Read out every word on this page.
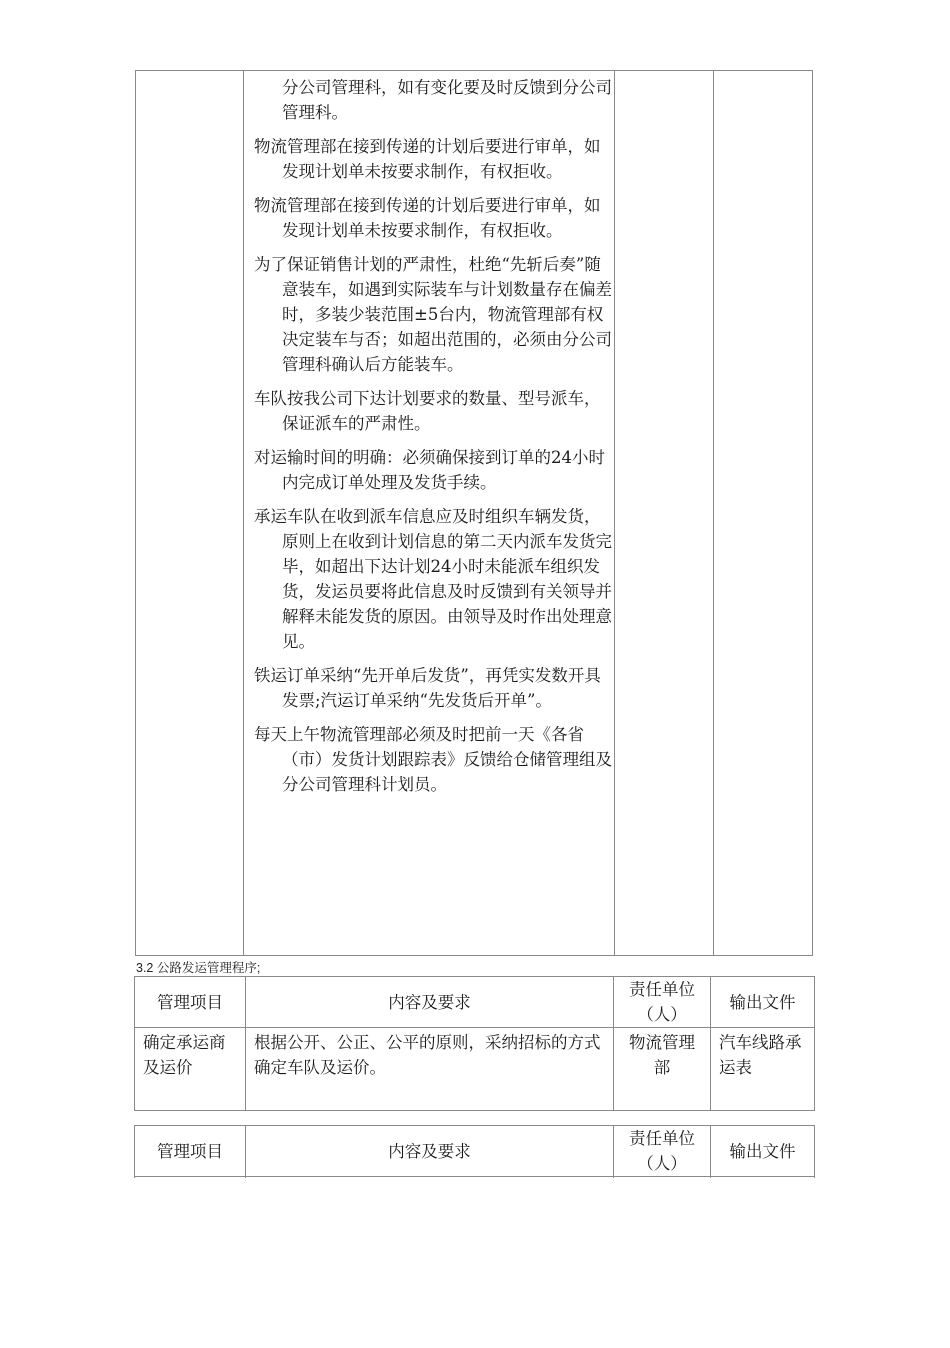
分公司管理科，如有变化要及时反馈到分公司管理科。
物流管理部在接到传递的计划后要进行审单，如发现计划单未按要求制作，有权拒收。
物流管理部在接到传递的计划后要进行审单，如发现计划单未按要求制作，有权拒收。
为了保证销售计划的严肃性，杜绝“先斩后奏”随意装车，如遇到实际装车与计划数量存在偏差时，多装少装范围±5台内，物流管理部有权决定装车与否；如超出范围的，必须由分公司管理科确认后方能装车。
车队按我公司下达计划要求的数量、型号派车，保证派车的严肃性。
对运输时间的明确：必须确保接到订单的24小时内完成订单处理及发货手续。
承运车队在收到派车信息应及时组织车辆发货，原则上在收到计划信息的第二天内派车发货完毕，如超出下达计划24小时未能派车组织发货，发运员要将此信息及时反馈到有关领导并解释未能发货的原因。由领导及时作出处理意见。
铁运订单采纳“先开单后发货”，再凭实发数开具发票;汽运订单采纳“先发货后开单”。
每天上午物流管理部必须及时把前一天《各省（市）发货计划跟踪表》反馈给仓储管理组及分公司管理科计划员。

3.2 公路发运管理程序;
管理项目	内容及要求	责任单位（人）	输出文件
确定承运商及运价	根据公开、公正、公平的原则，采纳招标的方式确定车队及运价。	物流管理部	汽车线路承运表
管理项目	内容及要求	责任单位（人）	输出文件
